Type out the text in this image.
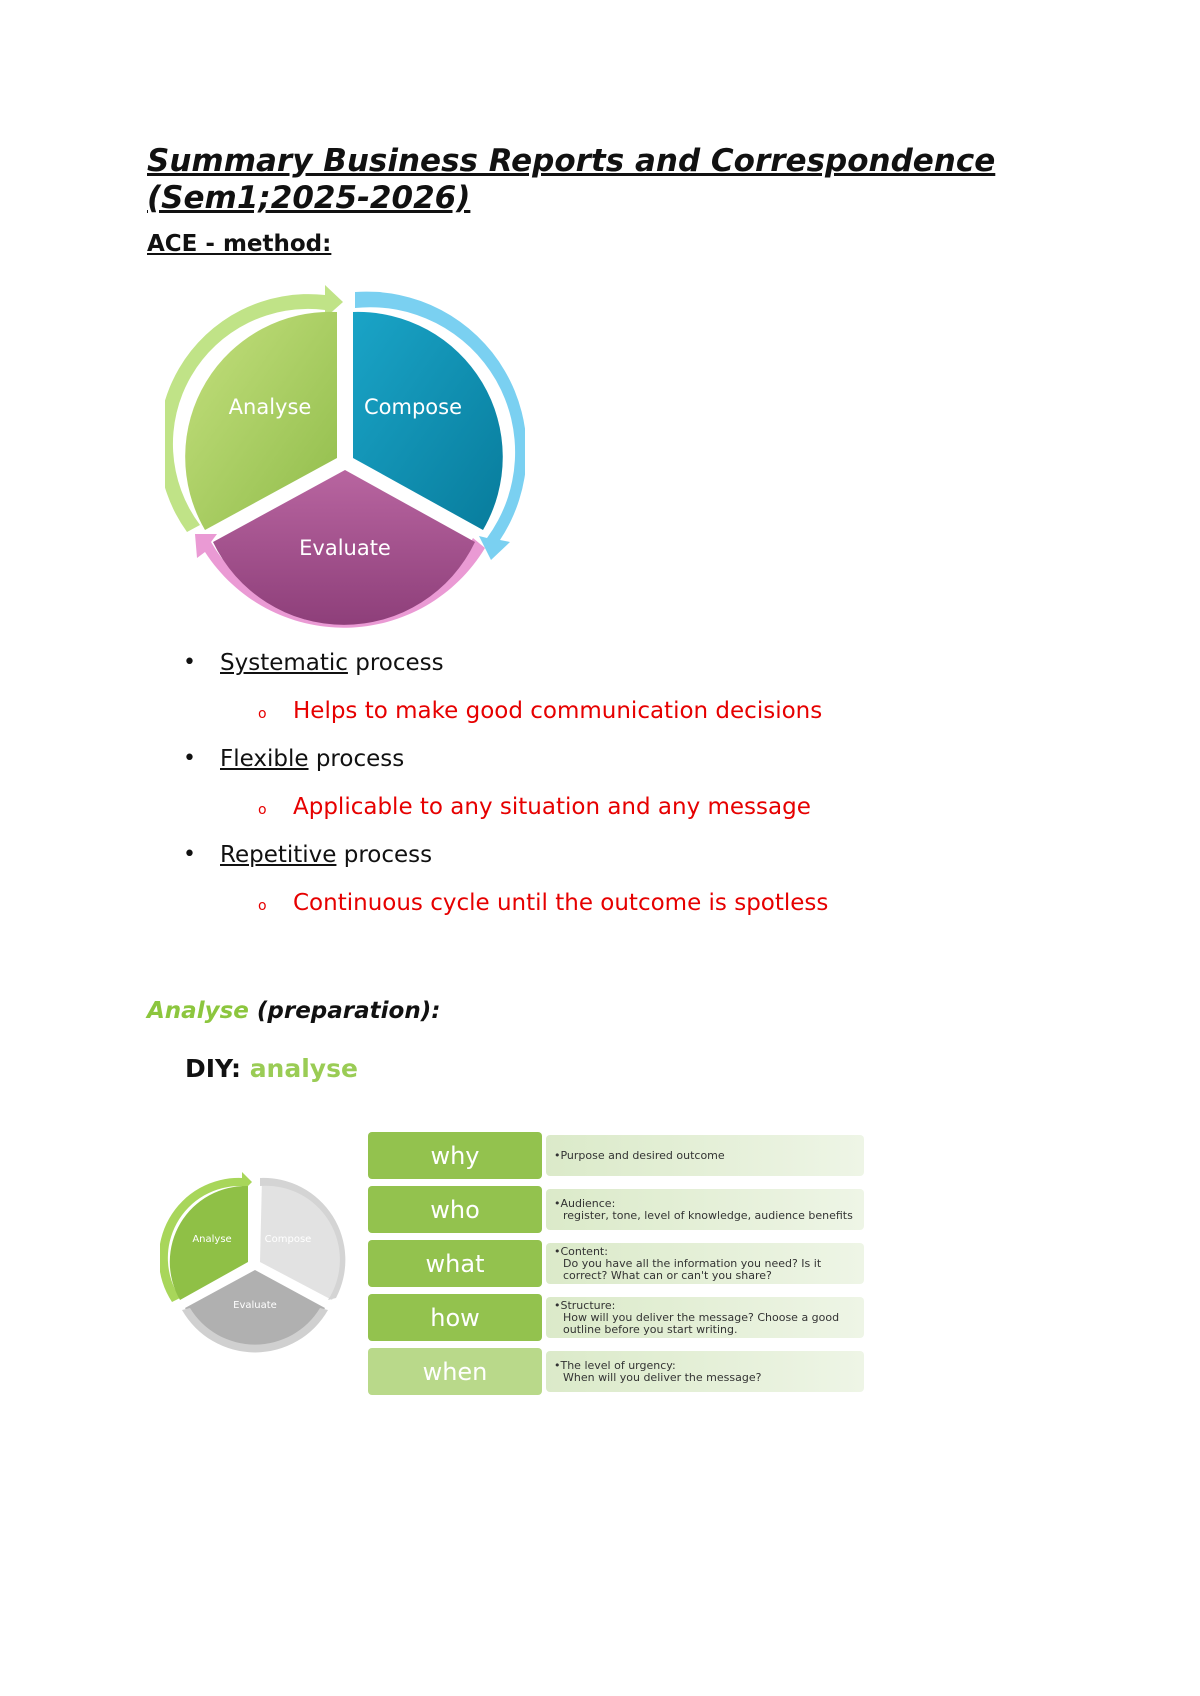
Summary Business Reports and Correspondence (Sem1;2025-2026)
ACE - method:
Analyse	Compose
Evaluate
• Systematic process
o Helps to make good communication decisions
• Flexible process
o Applicable to any situation and any message
• Repetitive process
o Continuous cycle until the outcome is spotless
Analyse (preparation):
DIY: analyse
Analyse	Compose
Evaluate
why	•Purpose and desired outcome
who	•Audience:
register, tone, level of knowledge, audience benefits
what	•Content:
Do you have all the information you need? Is it correct? What can or can't you share?
how	•Structure:
How will you deliver the message? Choose a good outline before you start writing.
when	•The level of urgency:
When will you deliver the message?
